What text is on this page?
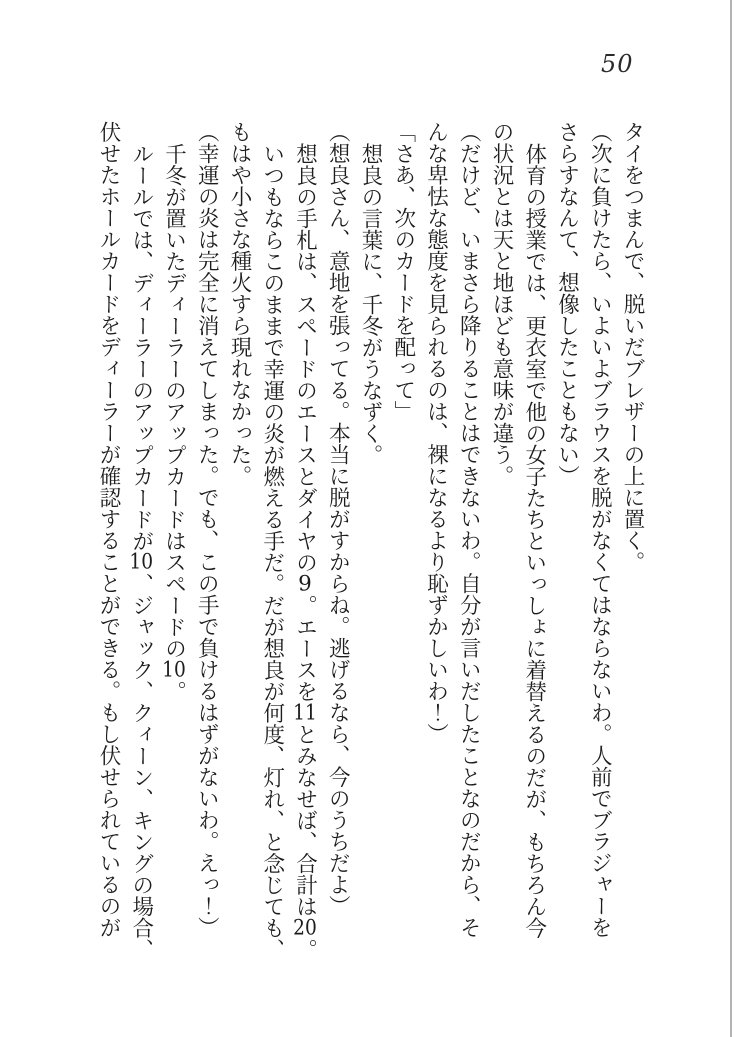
50
タイをつまんで、脱いだブレザーの上に置く。
（次に負けたら、いよいよブラウスを脱がなくてはならないわ。人前でブラジャーを
さらすなんて、想像したこともない）
体育の授業では、更衣室で他の女子たちといっしょに着替えるのだが、もちろん今
の状況とは天と地ほども意味が違う。
（だけど、いまさら降りることはできないわ。自分が言いだしたことなのだから、そ
んな卑怯な態度を見られるのは、裸になるより恥ずかしいわ！）
「さあ、次のカードを配って」
想良の言葉に、千冬がうなずく。
（想良さん、意地を張ってる。本当に脱がすからね。逃げるなら、今のうちだよ）
想良の手札は、スペードのエースとダイヤの9。エースを11とみなせば、合計は20。
いつもならこのままで幸運の炎が燃える手だ。だが想良が何度、灯れ、と念じても、
もはや小さな種火すら現れなかった。
（幸運の炎は完全に消えてしまった。でも、この手で負けるはずがないわ。えっ！）
千冬が置いたディーラーのアップカードはスペードの10。
ルールでは、ディーラーのアップカードが10、ジャック、クィーン、キングの場合、
伏せたホールカードをディーラーが確認することができる。もし伏せられているのが
